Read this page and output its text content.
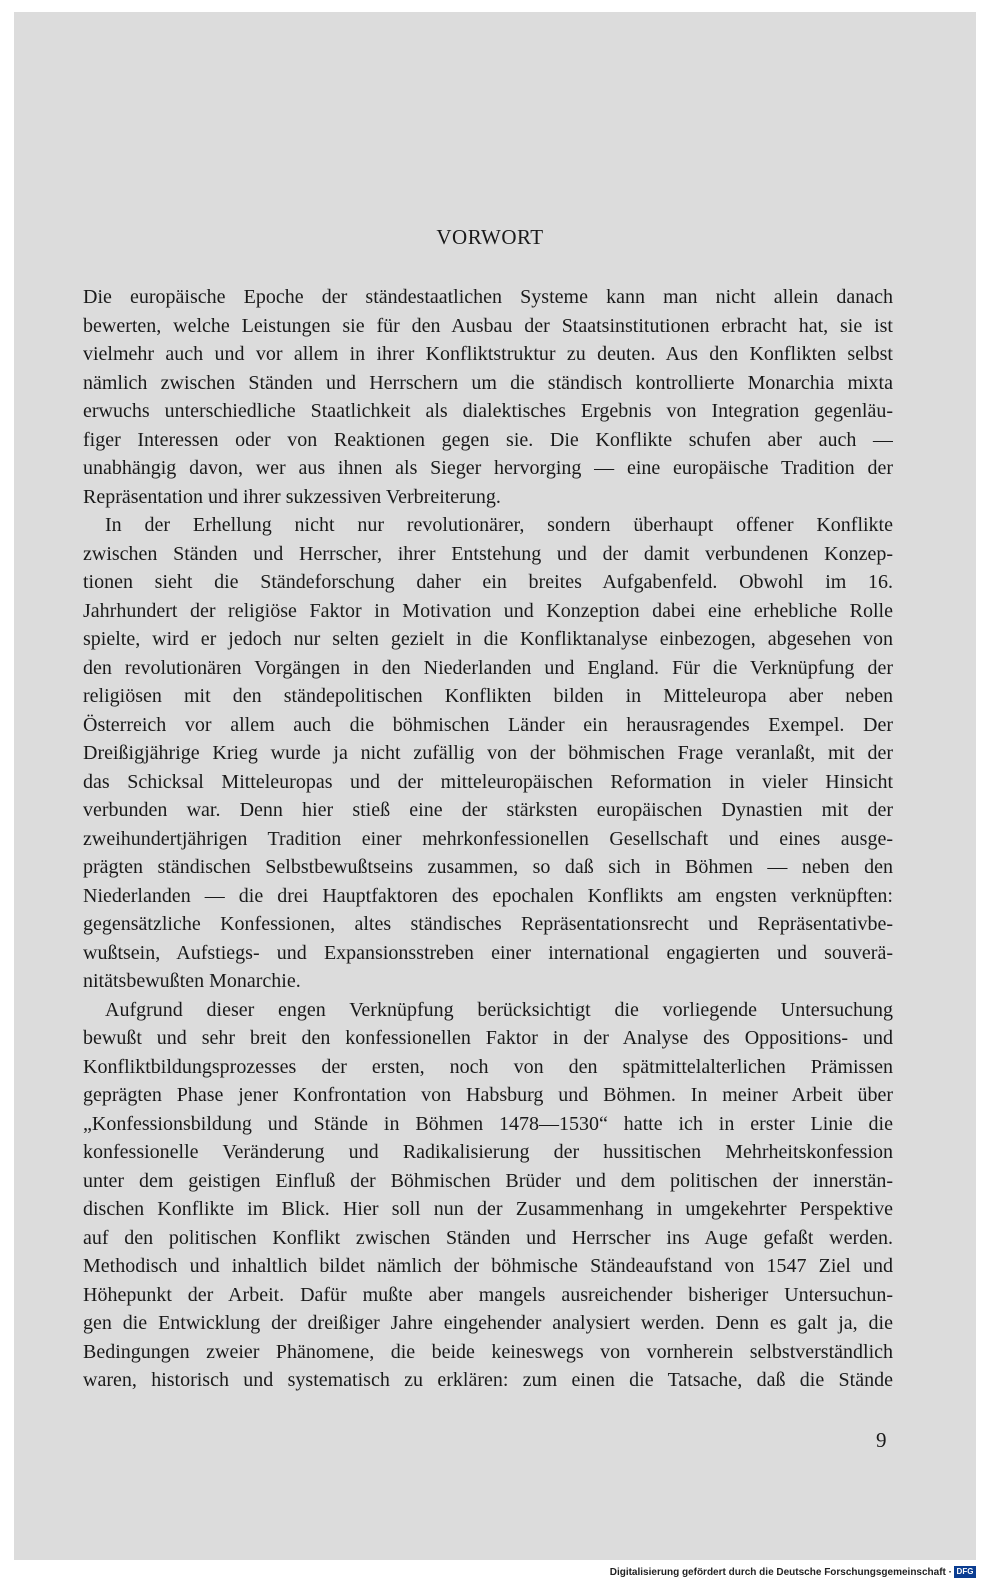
VORWORT
Die europäische Epoche der ständestaatlichen Systeme kann man nicht allein danach
bewerten, welche Leistungen sie für den Ausbau der Staatsinstitutionen erbracht hat, sie ist
vielmehr auch und vor allem in ihrer Konfliktstruktur zu deuten. Aus den Konflikten selbst
nämlich zwischen Ständen und Herrschern um die ständisch kontrollierte Monarchia mixta
erwuchs unterschiedliche Staatlichkeit als dialektisches Ergebnis von Integration gegenläu-
figer Interessen oder von Reaktionen gegen sie. Die Konflikte schufen aber auch —
unabhängig davon, wer aus ihnen als Sieger hervorging — eine europäische Tradition der
Repräsentation und ihrer sukzessiven Verbreiterung.
In der Erhellung nicht nur revolutionärer, sondern überhaupt offener Konflikte
zwischen Ständen und Herrscher, ihrer Entstehung und der damit verbundenen Konzep-
tionen sieht die Ständeforschung daher ein breites Aufgabenfeld. Obwohl im 16.
Jahrhundert der religiöse Faktor in Motivation und Konzeption dabei eine erhebliche Rolle
spielte, wird er jedoch nur selten gezielt in die Konfliktanalyse einbezogen, abgesehen von
den revolutionären Vorgängen in den Niederlanden und England. Für die Verknüpfung der
religiösen mit den ständepolitischen Konflikten bilden in Mitteleuropa aber neben
Österreich vor allem auch die böhmischen Länder ein herausragendes Exempel. Der
Dreißigjährige Krieg wurde ja nicht zufällig von der böhmischen Frage veranlaßt, mit der
das Schicksal Mitteleuropas und der mitteleuropäischen Reformation in vieler Hinsicht
verbunden war. Denn hier stieß eine der stärksten europäischen Dynastien mit der
zweihundertjährigen Tradition einer mehrkonfessionellen Gesellschaft und eines ausge-
prägten ständischen Selbstbewußtseins zusammen, so daß sich in Böhmen — neben den
Niederlanden — die drei Hauptfaktoren des epochalen Konflikts am engsten verknüpften:
gegensätzliche Konfessionen, altes ständisches Repräsentationsrecht und Repräsentativbe-
wußtsein, Aufstiegs- und Expansionsstreben einer international engagierten und souverä-
nitätsbewußten Monarchie.
Aufgrund dieser engen Verknüpfung berücksichtigt die vorliegende Untersuchung
bewußt und sehr breit den konfessionellen Faktor in der Analyse des Oppositions- und
Konfliktbildungsprozesses der ersten, noch von den spätmittelalterlichen Prämissen
geprägten Phase jener Konfrontation von Habsburg und Böhmen. In meiner Arbeit über
„Konfessionsbildung und Stände in Böhmen 1478—1530“ hatte ich in erster Linie die
konfessionelle Veränderung und Radikalisierung der hussitischen Mehrheitskonfession
unter dem geistigen Einfluß der Böhmischen Brüder und dem politischen der innerstän-
dischen Konflikte im Blick. Hier soll nun der Zusammenhang in umgekehrter Perspektive
auf den politischen Konflikt zwischen Ständen und Herrscher ins Auge gefaßt werden.
Methodisch und inhaltlich bildet nämlich der böhmische Ständeaufstand von 1547 Ziel und
Höhepunkt der Arbeit. Dafür mußte aber mangels ausreichender bisheriger Untersuchun-
gen die Entwicklung der dreißiger Jahre eingehender analysiert werden. Denn es galt ja, die
Bedingungen zweier Phänomene, die beide keineswegs von vornherein selbstverständlich
waren, historisch und systematisch zu erklären: zum einen die Tatsache, daß die Stände

9

Digitalisierung gefördert durch die Deutsche Forschungsgemeinschaft · DFG
